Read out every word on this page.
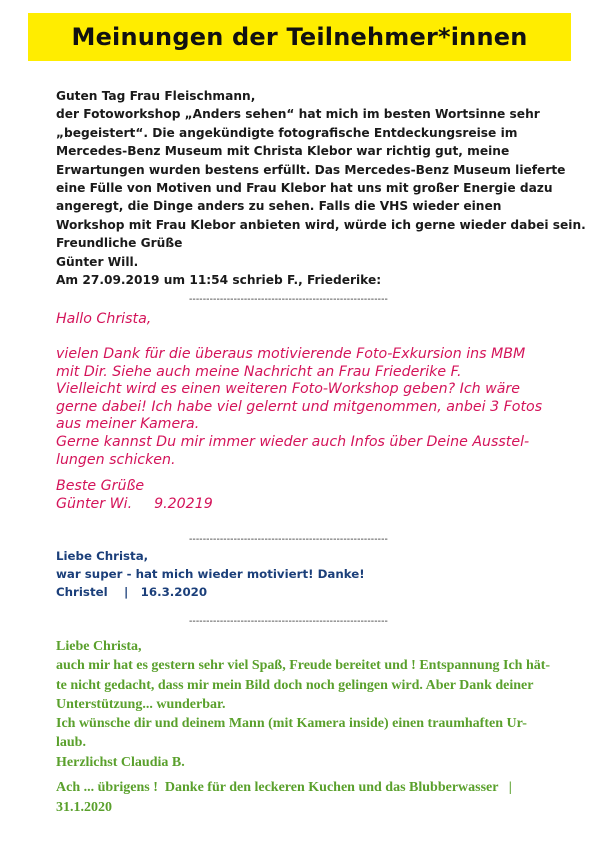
Meinungen der Teilnehmer*innen
Guten Tag Frau Fleischmann,
der Fotoworkshop „Anders sehen“ hat mich im besten Wortsinne sehr
„begeistert“. Die angekündigte fotografische Entdeckungsreise im
Mercedes-Benz Museum mit Christa Klebor war richtig gut, meine
Erwartungen wurden bestens erfüllt. Das Mercedes-Benz Museum lieferte
eine Fülle von Motiven und Frau Klebor hat uns mit großer Energie dazu
angeregt, die Dinge anders zu sehen. Falls die VHS wieder einen
Workshop mit Frau Klebor anbieten wird, würde ich gerne wieder dabei sein.
Freundliche Grüße
Günter Will.
Am 27.09.2019 um 11:54 schrieb F., Friederike:
----------------------------------------------------------
Hallo Christa,
vielen Dank für die überaus motivierende Foto-Exkursion ins MBM
mit Dir. Siehe auch meine Nachricht an Frau Friederike F.
Vielleicht wird es einen weiteren Foto-Workshop geben? Ich wäre
gerne dabei! Ich habe viel gelernt und mitgenommen, anbei 3 Fotos
aus meiner Kamera.
Gerne kannst Du mir immer wieder auch Infos über Deine Ausstel-
lungen schicken.
Beste Grüße
Günter Wi. 9.20219
----------------------------------------------------------
Liebe Christa,
war super - hat mich wieder motiviert! Danke!
Christel    |   16.3.2020
----------------------------------------------------------
Liebe Christa,
auch mir hat es gestern sehr viel Spaß, Freude bereitet und ! Entspannung Ich hät-
te nicht gedacht, dass mir mein Bild doch noch gelingen wird. Aber Dank deiner
Unterstützung... wunderbar.
Ich wünsche dir und deinem Mann (mit Kamera inside) einen traumhaften Ur-
laub.
Herzlichst Claudia B.
Ach ... übrigens !  Danke für den leckeren Kuchen und das Blubberwasser   |
31.1.2020
